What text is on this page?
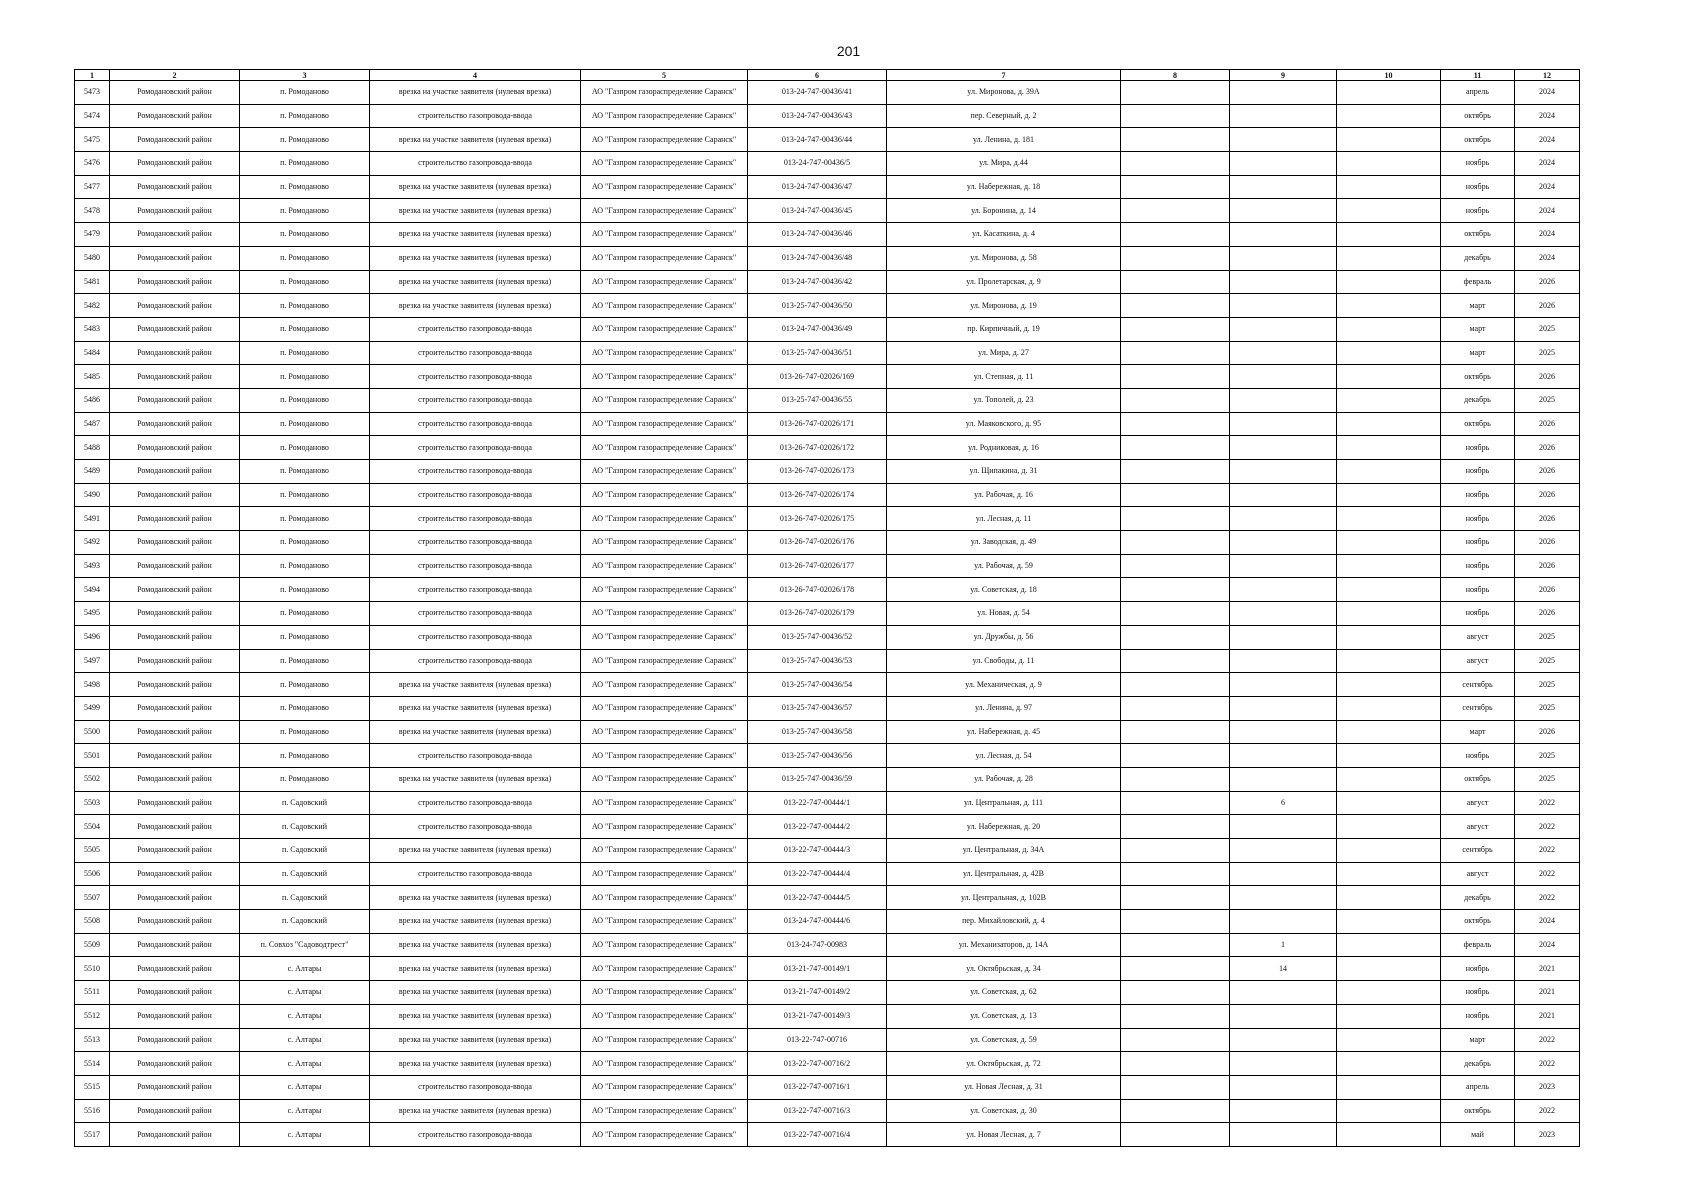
201
1	2	3	4	5	6	7	8	9	10	11	12
5473	Ромодановский район	п. Ромоданово	врезка на участке заявителя (нулевая врезка)	АО "Газпром газораспределение Саранск"	013-24-747-00436/41	ул. Миронова, д. 39А				апрель	2024
5474	Ромодановский район	п. Ромоданово	строительство газопровода-ввода	АО "Газпром газораспределение Саранск"	013-24-747-00436/43	пер. Северный, д. 2				октябрь	2024
5475	Ромодановский район	п. Ромоданово	врезка на участке заявителя (нулевая врезка)	АО "Газпром газораспределение Саранск"	013-24-747-00436/44	ул. Ленина, д. 181				октябрь	2024
5476	Ромодановский район	п. Ромоданово	строительство газопровода-ввода	АО "Газпром газораспределение Саранск"	013-24-747-00436/5	ул. Мира, д.44				ноябрь	2024
5477	Ромодановский район	п. Ромоданово	врезка на участке заявителя (нулевая врезка)	АО "Газпром газораспределение Саранск"	013-24-747-00436/47	ул. Набережная, д. 18				ноябрь	2024
5478	Ромодановский район	п. Ромоданово	врезка на участке заявителя (нулевая врезка)	АО "Газпром газораспределение Саранск"	013-24-747-00436/45	ул. Боронина, д. 14				ноябрь	2024
5479	Ромодановский район	п. Ромоданово	врезка на участке заявителя (нулевая врезка)	АО "Газпром газораспределение Саранск"	013-24-747-00436/46	ул. Касаткина, д. 4				октябрь	2024
5480	Ромодановский район	п. Ромоданово	врезка на участке заявителя (нулевая врезка)	АО "Газпром газораспределение Саранск"	013-24-747-00436/48	ул. Миронова, д. 58				декабрь	2024
5481	Ромодановский район	п. Ромоданово	врезка на участке заявителя (нулевая врезка)	АО "Газпром газораспределение Саранск"	013-24-747-00436/42	ул. Пролетарская, д. 9				февраль	2026
5482	Ромодановский район	п. Ромоданово	врезка на участке заявителя (нулевая врезка)	АО "Газпром газораспределение Саранск"	013-25-747-00436/50	ул. Миронова, д. 19				март	2026
5483	Ромодановский район	п. Ромоданово	строительство газопровода-ввода	АО "Газпром газораспределение Саранск"	013-24-747-00436/49	пр. Кирпичный, д. 19				март	2025
5484	Ромодановский район	п. Ромоданово	строительство газопровода-ввода	АО "Газпром газораспределение Саранск"	013-25-747-00436/51	ул. Мира, д. 27				март	2025
5485	Ромодановский район	п. Ромоданово	строительство газопровода-ввода	АО "Газпром газораспределение Саранск"	013-26-747-02026/169	ул. Степная, д. 11				октябрь	2026
5486	Ромодановский район	п. Ромоданово	строительство газопровода-ввода	АО "Газпром газораспределение Саранск"	013-25-747-00436/55	ул. Тополей, д. 23				декабрь	2025
5487	Ромодановский район	п. Ромоданово	строительство газопровода-ввода	АО "Газпром газораспределение Саранск"	013-26-747-02026/171	ул. Маяковского, д. 95				октябрь	2026
5488	Ромодановский район	п. Ромоданово	строительство газопровода-ввода	АО "Газпром газораспределение Саранск"	013-26-747-02026/172	ул. Родниковая, д. 16				ноябрь	2026
5489	Ромодановский район	п. Ромоданово	строительство газопровода-ввода	АО "Газпром газораспределение Саранск"	013-26-747-02026/173	ул. Щипакина, д. 31				ноябрь	2026
5490	Ромодановский район	п. Ромоданово	строительство газопровода-ввода	АО "Газпром газораспределение Саранск"	013-26-747-02026/174	ул. Рабочая, д. 16				ноябрь	2026
5491	Ромодановский район	п. Ромоданово	строительство газопровода-ввода	АО "Газпром газораспределение Саранск"	013-26-747-02026/175	ул. Лесная, д. 11				ноябрь	2026
5492	Ромодановский район	п. Ромоданово	строительство газопровода-ввода	АО "Газпром газораспределение Саранск"	013-26-747-02026/176	ул. Заводская, д. 49				ноябрь	2026
5493	Ромодановский район	п. Ромоданово	строительство газопровода-ввода	АО "Газпром газораспределение Саранск"	013-26-747-02026/177	ул. Рабочая, д. 59				ноябрь	2026
5494	Ромодановский район	п. Ромоданово	строительство газопровода-ввода	АО "Газпром газораспределение Саранск"	013-26-747-02026/178	ул. Советская, д. 18				ноябрь	2026
5495	Ромодановский район	п. Ромоданово	строительство газопровода-ввода	АО "Газпром газораспределение Саранск"	013-26-747-02026/179	ул. Новая, д. 54				ноябрь	2026
5496	Ромодановский район	п. Ромоданово	строительство газопровода-ввода	АО "Газпром газораспределение Саранск"	013-25-747-00436/52	ул. Дружбы, д. 56				август	2025
5497	Ромодановский район	п. Ромоданово	строительство газопровода-ввода	АО "Газпром газораспределение Саранск"	013-25-747-00436/53	ул. Свободы, д. 11				август	2025
5498	Ромодановский район	п. Ромоданово	врезка на участке заявителя (нулевая врезка)	АО "Газпром газораспределение Саранск"	013-25-747-00436/54	ул. Механическая, д. 9				сентябрь	2025
5499	Ромодановский район	п. Ромоданово	врезка на участке заявителя (нулевая врезка)	АО "Газпром газораспределение Саранск"	013-25-747-00436/57	ул. Ленина, д. 97				сентябрь	2025
5500	Ромодановский район	п. Ромоданово	врезка на участке заявителя (нулевая врезка)	АО "Газпром газораспределение Саранск"	013-25-747-00436/58	ул. Набережная, д. 45				март	2026
5501	Ромодановский район	п. Ромоданово	строительство газопровода-ввода	АО "Газпром газораспределение Саранск"	013-25-747-00436/56	ул. Лесная, д. 54				ноябрь	2025
5502	Ромодановский район	п. Ромоданово	врезка на участке заявителя (нулевая врезка)	АО "Газпром газораспределение Саранск"	013-25-747-00436/59	ул. Рабочая, д. 28				октябрь	2025
5503	Ромодановский район	п. Садовский	строительство газопровода-ввода	АО "Газпром газораспределение Саранск"	013-22-747-00444/1	ул. Центральная, д. 111		6		август	2022
5504	Ромодановский район	п. Садовский	строительство газопровода-ввода	АО "Газпром газораспределение Саранск"	013-22-747-00444/2	ул. Набережная, д. 20				август	2022
5505	Ромодановский район	п. Садовский	врезка на участке заявителя (нулевая врезка)	АО "Газпром газораспределение Саранск"	013-22-747-00444/3	ул. Центральная, д. 34А				сентябрь	2022
5506	Ромодановский район	п. Садовский	строительство газопровода-ввода	АО "Газпром газораспределение Саранск"	013-22-747-00444/4	ул. Центральная, д. 42В				август	2022
5507	Ромодановский район	п. Садовский	врезка на участке заявителя (нулевая врезка)	АО "Газпром газораспределение Саранск"	013-22-747-00444/5	ул. Центральная, д. 102В				декабрь	2022
5508	Ромодановский район	п. Садовский	врезка на участке заявителя (нулевая врезка)	АО "Газпром газораспределение Саранск"	013-24-747-00444/6	пер. Михайловский, д. 4				октябрь	2024
5509	Ромодановский район	п. Совхоз "Садоводтрест"	врезка на участке заявителя (нулевая врезка)	АО "Газпром газораспределение Саранск"	013-24-747-00983	ул. Механизаторов, д. 14А		1		февраль	2024
5510	Ромодановский район	с. Алтары	врезка на участке заявителя (нулевая врезка)	АО "Газпром газораспределение Саранск"	013-21-747-00149/1	ул. Октябрьская, д. 34		14		ноябрь	2021
5511	Ромодановский район	с. Алтары	врезка на участке заявителя (нулевая врезка)	АО "Газпром газораспределение Саранск"	013-21-747-00149/2	ул. Советская, д. 62				ноябрь	2021
5512	Ромодановский район	с. Алтары	врезка на участке заявителя (нулевая врезка)	АО "Газпром газораспределение Саранск"	013-21-747-00149/3	ул. Советская, д. 13				ноябрь	2021
5513	Ромодановский район	с. Алтары	врезка на участке заявителя (нулевая врезка)	АО "Газпром газораспределение Саранск"	013-22-747-00716	ул. Советская, д. 59				март	2022
5514	Ромодановский район	с. Алтары	врезка на участке заявителя (нулевая врезка)	АО "Газпром газораспределение Саранск"	013-22-747-00716/2	ул. Октябрьская, д. 72				декабрь	2022
5515	Ромодановский район	с. Алтары	строительство газопровода-ввода	АО "Газпром газораспределение Саранск"	013-22-747-00716/1	ул. Новая Лесная, д. 31				апрель	2023
5516	Ромодановский район	с. Алтары	врезка на участке заявителя (нулевая врезка)	АО "Газпром газораспределение Саранск"	013-22-747-00716/3	ул. Советская, д. 30				октябрь	2022
5517	Ромодановский район	с. Алтары	строительство газопровода-ввода	АО "Газпром газораспределение Саранск"	013-22-747-00716/4	ул. Новая Лесная, д. 7				май	2023
